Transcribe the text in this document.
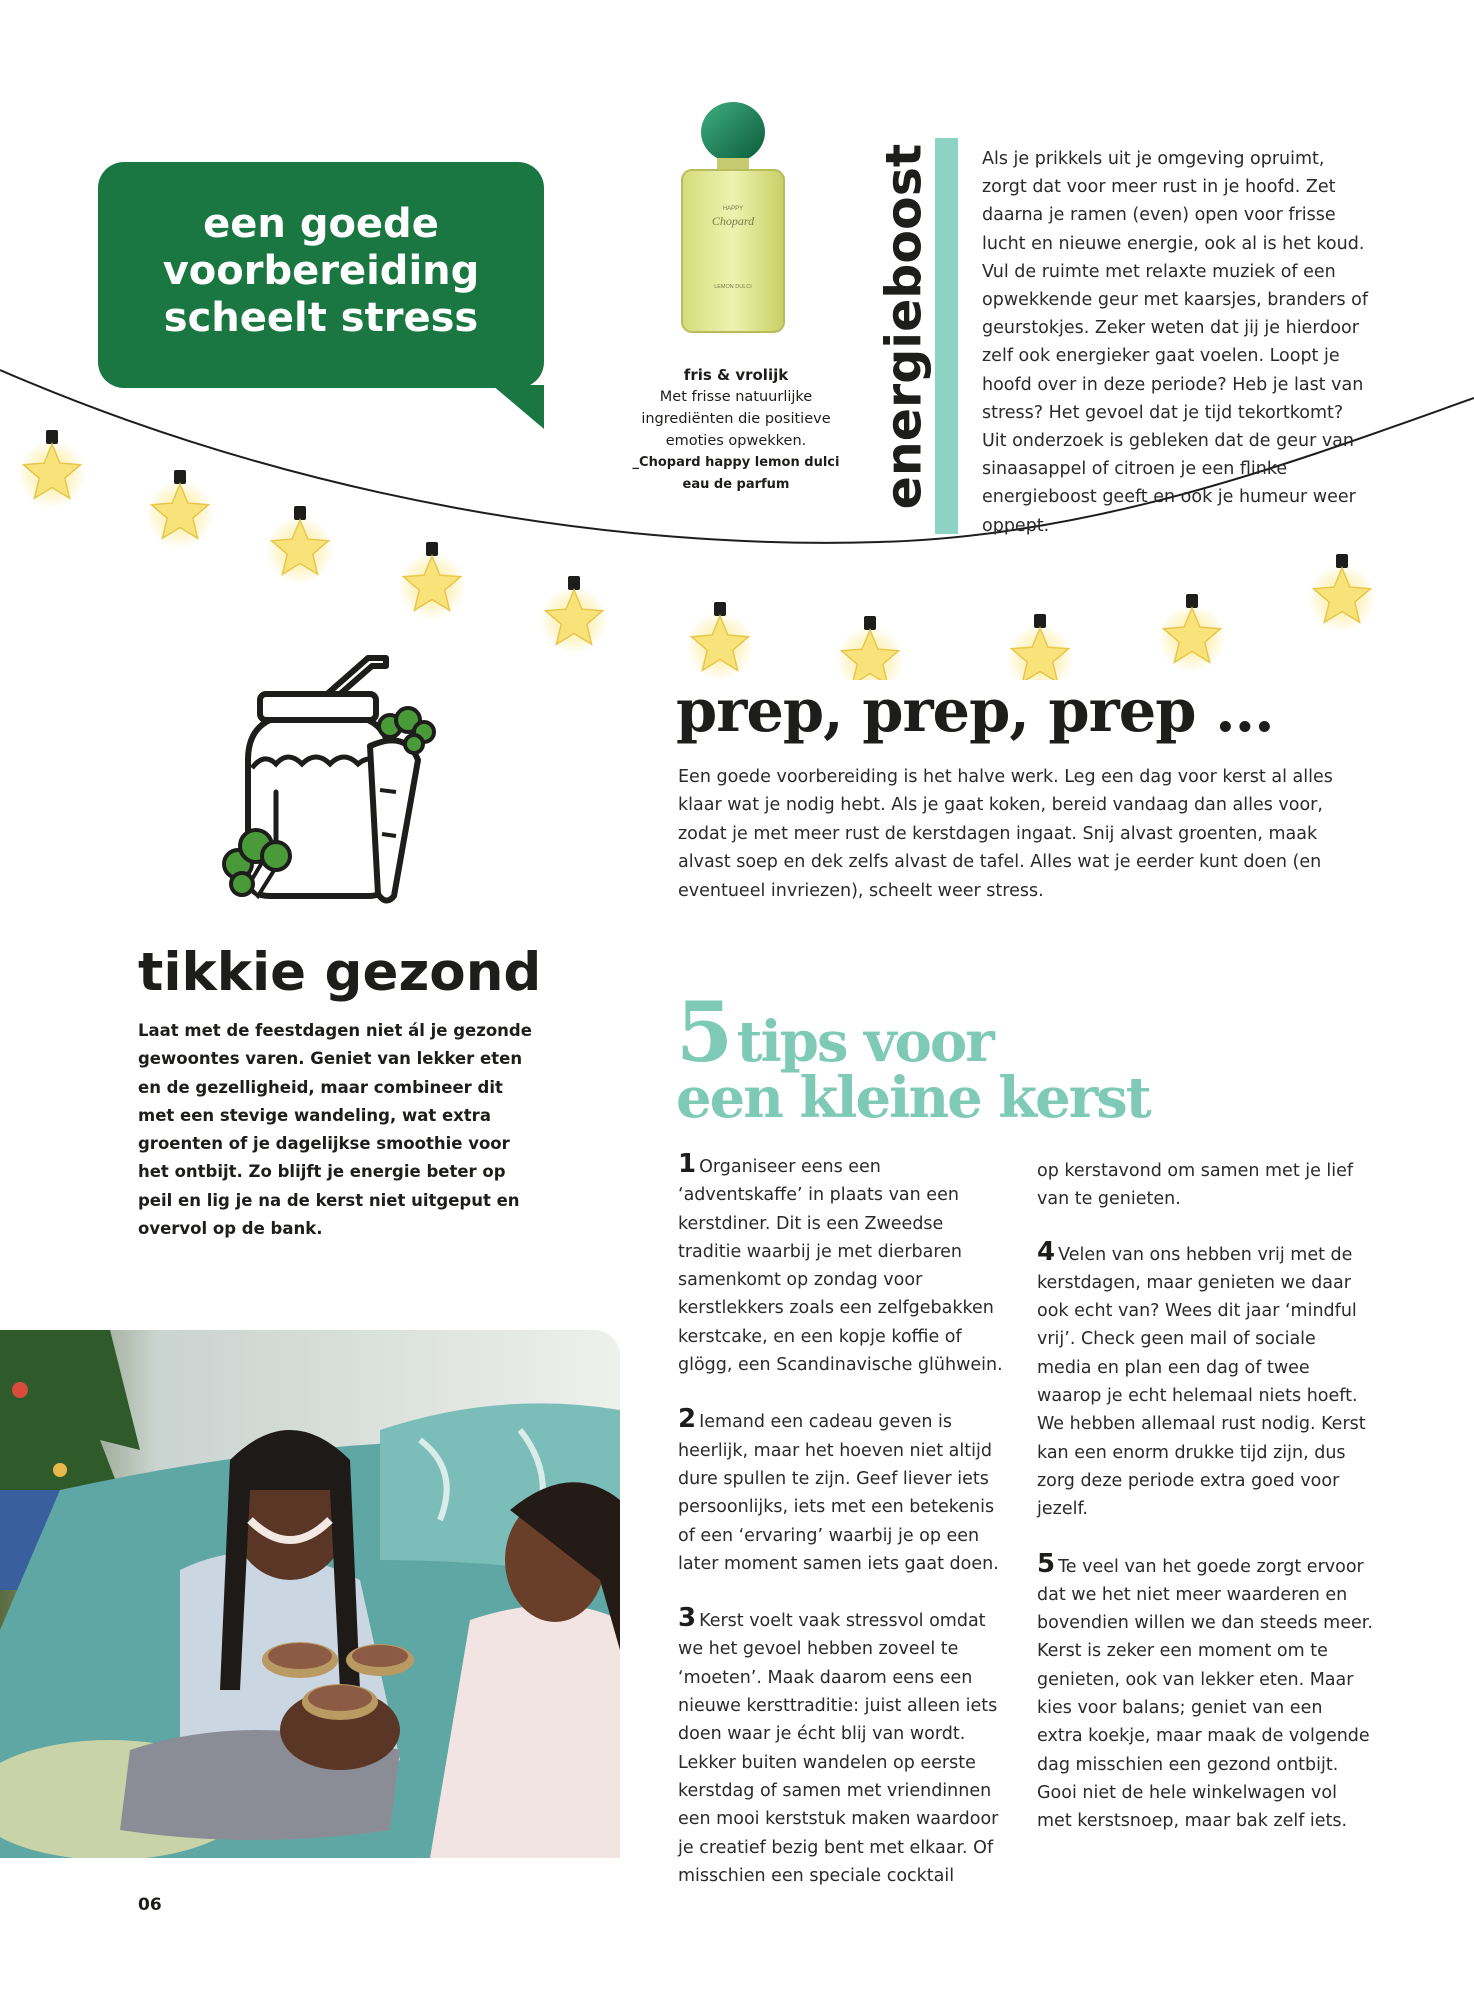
een goede
voorbereiding
scheelt stress
HAPPY
Chopard
LEMON DULCI
fris & vrolijk
Met frisse natuurlijke ingrediënten die positieve emoties opwekken.
_Chopard happy lemon dulci eau de parfum	energieboost	Als je prikkels uit je omgeving opruimt, zorgt dat voor meer rust in je hoofd. Zet daarna je ramen (even) open voor frisse lucht en nieuwe energie, ook al is het koud. Vul de ruimte met relaxte muziek of een opwekkende geur met kaarsjes, branders of geurstokjes. Zeker weten dat jij je hierdoor zelf ook energieker gaat voelen. Loopt je hoofd over in deze periode? Heb je last van stress? Het gevoel dat je tijd tekortkomt? Uit onderzoek is gebleken dat de geur van sinaasappel of citroen je een flinke energieboost geeft en ook je humeur weer oppept.
prep, prep, prep ...
Een goede voorbereiding is het halve werk. Leg een dag voor kerst al alles klaar wat je nodig hebt. Als je gaat koken, bereid vandaag dan alles voor, zodat je met meer rust de kerstdagen ingaat. Snij alvast groenten, maak alvast soep en dek zelfs alvast de tafel. Alles wat je eerder kunt doen (en eventueel invriezen), scheelt weer stress.
tikkie gezond
Laat met de feestdagen niet ál je gezonde gewoontes varen. Geniet van lekker eten en de gezelligheid, maar combineer dit met een stevige wandeling, wat extra groenten of je dagelijkse smoothie voor het ontbijt. Zo blijft je energie beter op peil en lig je na de kerst niet uitgeput en overvol op de bank.
5 tips voor
een kleine kerst

1 Organiseer eens een ‘adventskaffe’ in plaats van een kerstdiner. Dit is een Zweedse traditie waarbij je met dierbaren samenkomt op zondag voor kerstlekkers zoals een zelfgebakken kerstcake, en een kopje koffie of glögg, een Scandinavische glühwein.

2 Iemand een cadeau geven is heerlijk, maar het hoeven niet altijd dure spullen te zijn. Geef liever iets persoonlijks, iets met een betekenis of een ‘ervaring’ waarbij je op een later moment samen iets gaat doen.

3 Kerst voelt vaak stressvol omdat we het gevoel hebben zoveel te ‘moeten’. Maak daarom eens een nieuwe kersttraditie: juist alleen iets doen waar je écht blij van wordt. Lekker buiten wandelen op eerste kerstdag of samen met vriendinnen een mooi kerststuk maken waardoor je creatief bezig bent met elkaar. Of misschien een speciale cocktail

op kerstavond om samen met je lief van te genieten.

4 Velen van ons hebben vrij met de kerstdagen, maar genieten we daar ook echt van? Wees dit jaar ‘mindful vrij’. Check geen mail of sociale media en plan een dag of twee waarop je echt helemaal niets hoeft. We hebben allemaal rust nodig. Kerst kan een enorm drukke tijd zijn, dus zorg deze periode extra goed voor jezelf.

5 Te veel van het goede zorgt ervoor dat we het niet meer waarderen en bovendien willen we dan steeds meer. Kerst is zeker een moment om te genieten, ook van lekker eten. Maar kies voor balans; geniet van een extra koekje, maar maak de volgende dag misschien een gezond ontbijt. Gooi niet de hele winkelwagen vol met kerstsnoep, maar bak zelf iets.

06
